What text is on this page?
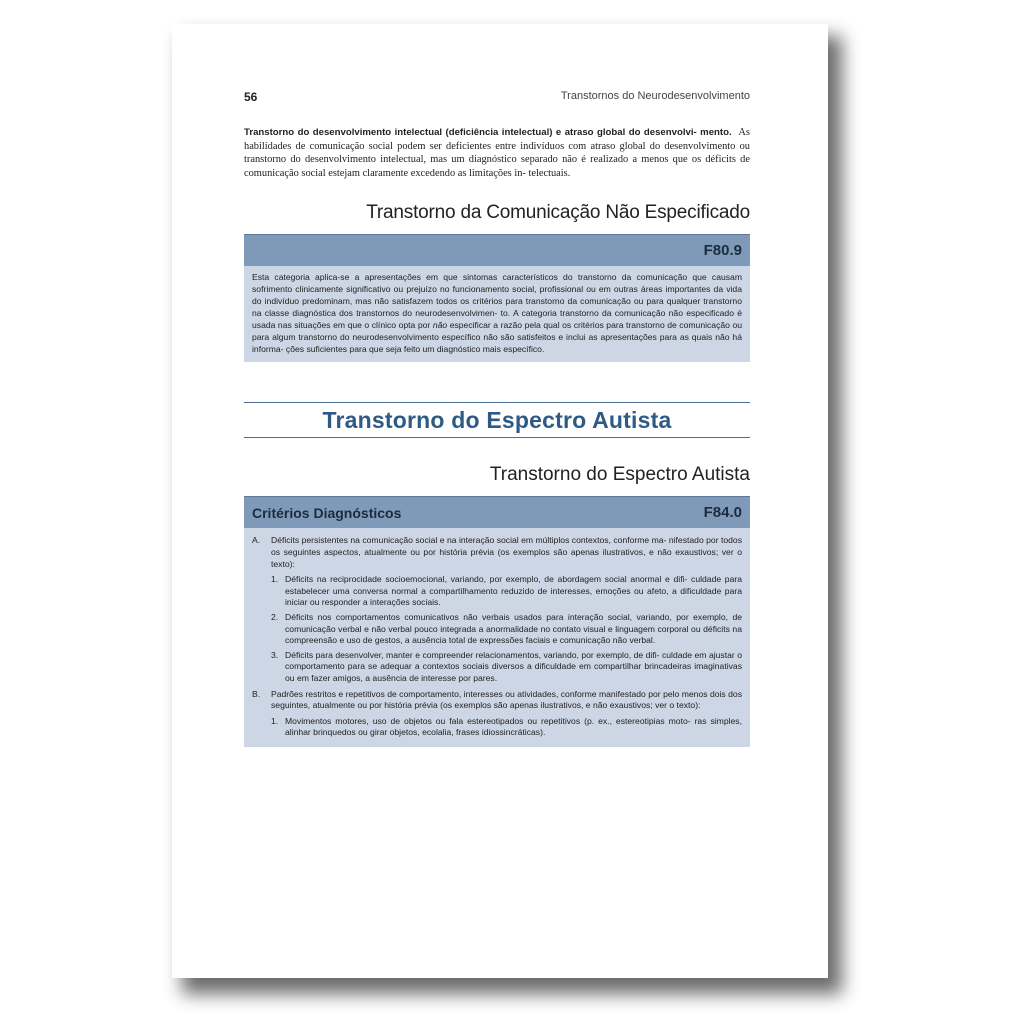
56	Transtornos do Neurodesenvolvimento

Transtorno do desenvolvimento intelectual (deficiência intelectual) e atraso global do desenvolvi- mento. As habilidades de comunicação social podem ser deficientes entre indivíduos com atraso global do desenvolvimento ou transtorno do desenvolvimento intelectual, mas um diagnóstico separado não é realizado a menos que os déficits de comunicação social estejam claramente excedendo as limitações in- telectuais.

Transtorno da Comunicação Não Especificado
F80.9
Esta categoria aplica-se a apresentações em que sintomas característicos do transtorno da comunicação que causam sofrimento clinicamente significativo ou prejuízo no funcionamento social, profissional ou em outras áreas importantes da vida do indivíduo predominam, mas não satisfazem todos os critérios para transtorno da comunicação ou para qualquer transtorno na classe diagnóstica dos transtornos do neurodesenvolvimen- to. A categoria transtorno da comunicação não especificado é usada nas situações em que o clínico opta por não especificar a razão pela qual os critérios para transtorno de comunicação ou para algum transtorno do neurodesenvolvimento específico não são satisfeitos e inclui as apresentações para as quais não há informa- ções suficientes para que seja feito um diagnóstico mais específico.
Transtorno do Espectro Autista
Transtorno do Espectro Autista
Critérios Diagnósticos	F84.0
A.	Déficits persistentes na comunicação social e na interação social em múltiplos contextos, conforme ma- nifestado por todos os seguintes aspectos, atualmente ou por história prévia (os exemplos são apenas ilustrativos, e não exaustivos; ver o texto):
1. Déficits na reciprocidade socioemocional, variando, por exemplo, de abordagem social anormal e difi- culdade para estabelecer uma conversa normal a compartilhamento reduzido de interesses, emoções ou afeto, a dificuldade para iniciar ou responder a interações sociais.
2. Déficits nos comportamentos comunicativos não verbais usados para interação social, variando, por exemplo, de comunicação verbal e não verbal pouco integrada a anormalidade no contato visual e linguagem corporal ou déficits na compreensão e uso de gestos, a ausência total de expressões faciais e comunicação não verbal.
3. Déficits para desenvolver, manter e compreender relacionamentos, variando, por exemplo, de difi- culdade em ajustar o comportamento para se adequar a contextos sociais diversos a dificuldade em compartilhar brincadeiras imaginativas ou em fazer amigos, a ausência de interesse por pares.
B.	Padrões restritos e repetitivos de comportamento, interesses ou atividades, conforme manifestado por pelo menos dois dos seguintes, atualmente ou por história prévia (os exemplos são apenas ilustrativos, e não exaustivos; ver o texto):
1. Movimentos motores, uso de objetos ou fala estereotipados ou repetitivos (p. ex., estereotipias moto- ras simples, alinhar brinquedos ou girar objetos, ecolalia, frases idiossincráticas).
